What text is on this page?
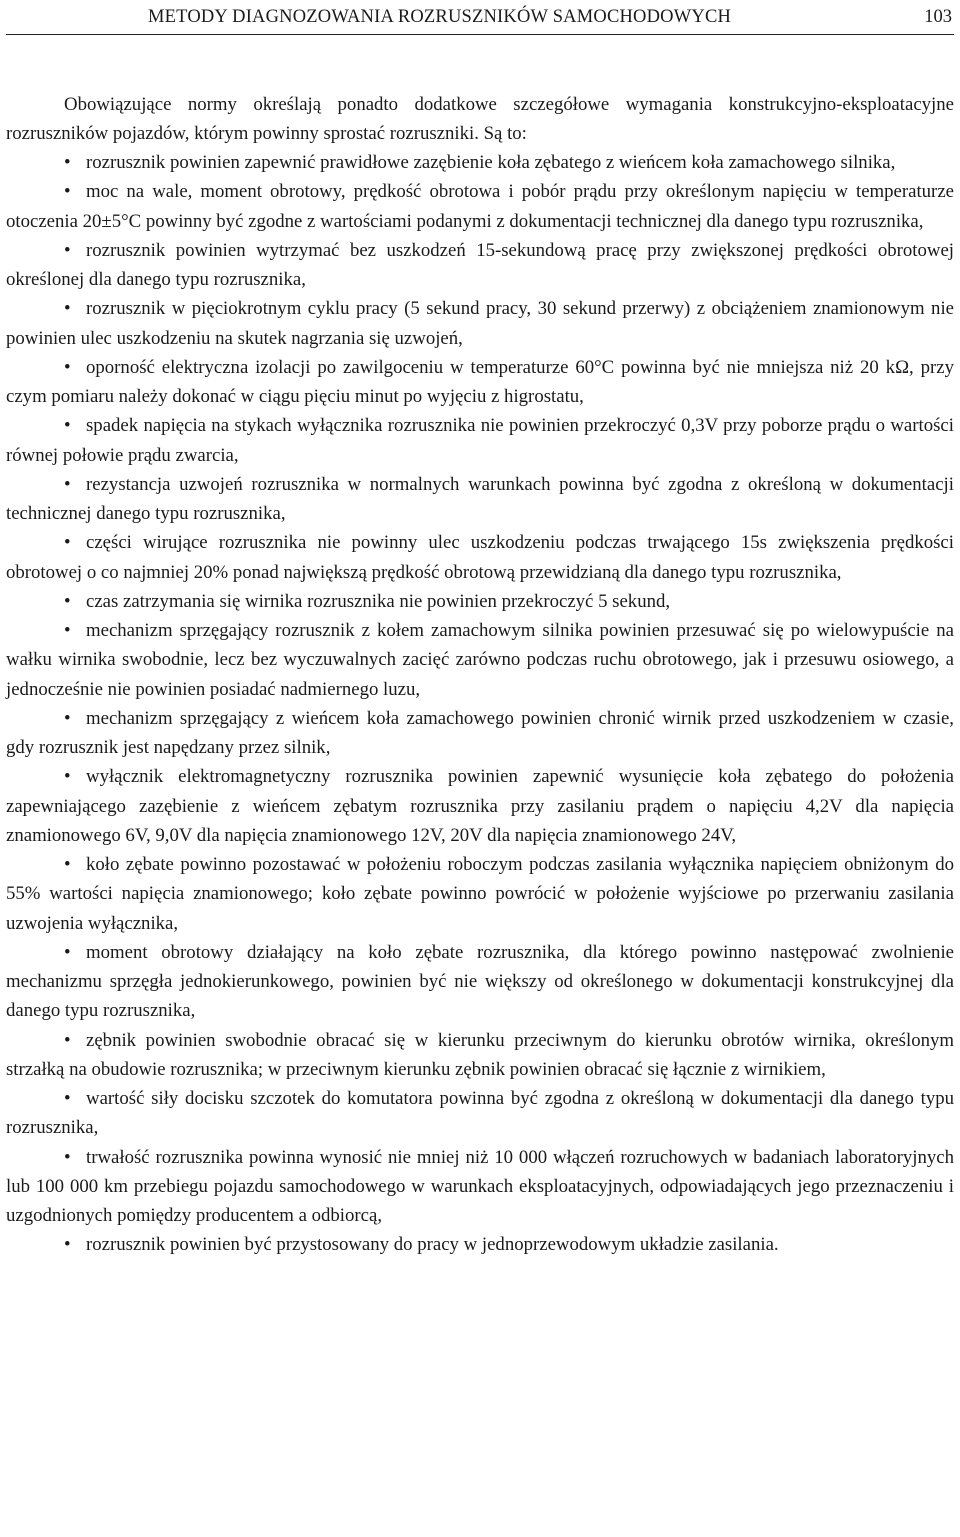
METODY DIAGNOZOWANIA ROZRUSZNIKÓW SAMOCHODOWYCH	103

Obowiązujące normy określają ponadto dodatkowe szczegółowe wymagania konstrukcyjno-eksploatacyjne rozruszników pojazdów, którym powinny sprostać rozruszniki. Są to:

• rozrusznik powinien zapewnić prawidłowe zazębienie koła zębatego z wieńcem koła zamachowego silnika,

• moc na wale, moment obrotowy, prędkość obrotowa i pobór prądu przy określonym napięciu w temperaturze otoczenia 20±5°C powinny być zgodne z wartościami podanymi z dokumentacji technicznej dla danego typu rozrusznika,

• rozrusznik powinien wytrzymać bez uszkodzeń 15-sekundową pracę przy zwiększonej prędkości obrotowej określonej dla danego typu rozrusznika,

• rozrusznik w pięciokrotnym cyklu pracy (5 sekund pracy, 30 sekund przerwy) z obciążeniem znamionowym nie powinien ulec uszkodzeniu na skutek nagrzania się uzwojeń,

• oporność elektryczna izolacji po zawilgoceniu w temperaturze 60°C powinna być nie mniejsza niż 20 kΩ, przy czym pomiaru należy dokonać w ciągu pięciu minut po wyjęciu z higrostatu,

• spadek napięcia na stykach wyłącznika rozrusznika nie powinien przekroczyć 0,3V przy poborze prądu o wartości równej połowie prądu zwarcia,

• rezystancja uzwojeń rozrusznika w normalnych warunkach powinna być zgodna z określoną w dokumentacji technicznej danego typu rozrusznika,

• części wirujące rozrusznika nie powinny ulec uszkodzeniu podczas trwającego 15s zwiększenia prędkości obrotowej o co najmniej 20% ponad największą prędkość obrotową przewidzianą dla danego typu rozrusznika,

• czas zatrzymania się wirnika rozrusznika nie powinien przekroczyć 5 sekund,

• mechanizm sprzęgający rozrusznik z kołem zamachowym silnika powinien przesuwać się po wielowypuście na wałku wirnika swobodnie, lecz bez wyczuwalnych zacięć zarówno podczas ruchu obrotowego, jak i przesuwu osiowego, a jednocześnie nie powinien posiadać nadmiernego luzu,

• mechanizm sprzęgający z wieńcem koła zamachowego powinien chronić wirnik przed uszkodzeniem w czasie, gdy rozrusznik jest napędzany przez silnik,

• wyłącznik elektromagnetyczny rozrusznika powinien zapewnić wysunięcie koła zębatego do położenia zapewniającego zazębienie z wieńcem zębatym rozrusznika przy zasilaniu prądem o napięciu 4,2V dla napięcia znamionowego 6V, 9,0V dla napięcia znamionowego 12V, 20V dla napięcia znamionowego 24V,

• koło zębate powinno pozostawać w położeniu roboczym podczas zasilania wyłącznika napięciem obniżonym do 55% wartości napięcia znamionowego; koło zębate powinno powrócić w położenie wyjściowe po przerwaniu zasilania uzwojenia wyłącznika,

• moment obrotowy działający na koło zębate rozrusznika, dla którego powinno następować zwolnienie mechanizmu sprzęgła jednokierunkowego, powinien być nie większy od określonego w dokumentacji konstrukcyjnej dla danego typu rozrusznika,

• zębnik powinien swobodnie obracać się w kierunku przeciwnym do kierunku obrotów wirnika, określonym strzałką na obudowie rozrusznika; w przeciwnym kierunku zębnik powinien obracać się łącznie z wirnikiem,

• wartość siły docisku szczotek do komutatora powinna być zgodna z określoną w dokumentacji dla danego typu rozrusznika,

• trwałość rozrusznika powinna wynosić nie mniej niż 10 000 włączeń rozruchowych w badaniach laboratoryjnych lub 100 000 km przebiegu pojazdu samochodowego w warunkach eksploatacyjnych, odpowiadających jego przeznaczeniu i uzgodnionych pomiędzy producentem a odbiorcą,

• rozrusznik powinien być przystosowany do pracy w jednoprzewodowym układzie zasilania.
